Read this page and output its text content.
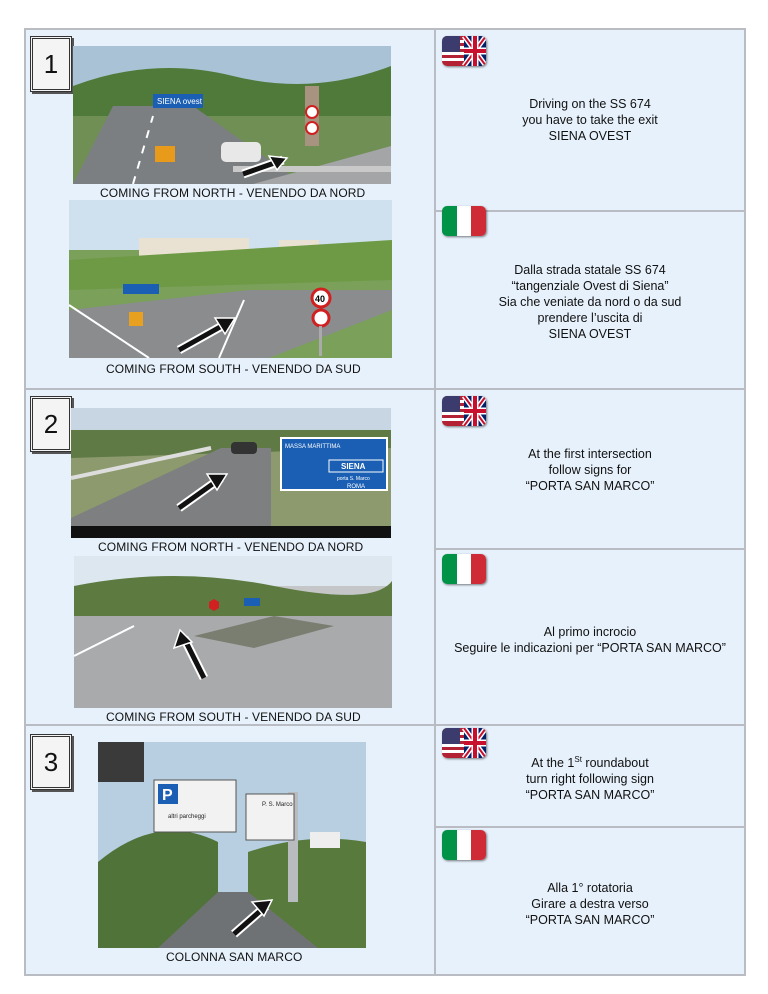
1
SIENA ovest
COMING FROM NORTH - VENENDO DA NORD
40
COMING FROM SOUTH - VENENDO DA SUD
Driving on the SS 674
you have to take the exit
SIENA OVEST
Dalla strada statale SS 674
“tangenziale Ovest di Siena”
Sia che veniate da nord o da sud
prendere l’uscita di
SIENA OVEST
2
MASSA MARITTIMA
SIENA
porta S. Marco
ROMA
COMING FROM NORTH - VENENDO DA NORD
COMING FROM SOUTH - VENENDO DA SUD
At the first intersection
follow signs for
“PORTA SAN MARCO”
Al primo incrocio
Seguire le indicazioni per “PORTA SAN MARCO”
3
P
altri parcheggi
P. S. Marco
COLONNA SAN MARCO
At the 1St roundabout
turn right following sign
“PORTA SAN MARCO”
Alla 1° rotatoria
Girare a destra verso
“PORTA SAN MARCO”
